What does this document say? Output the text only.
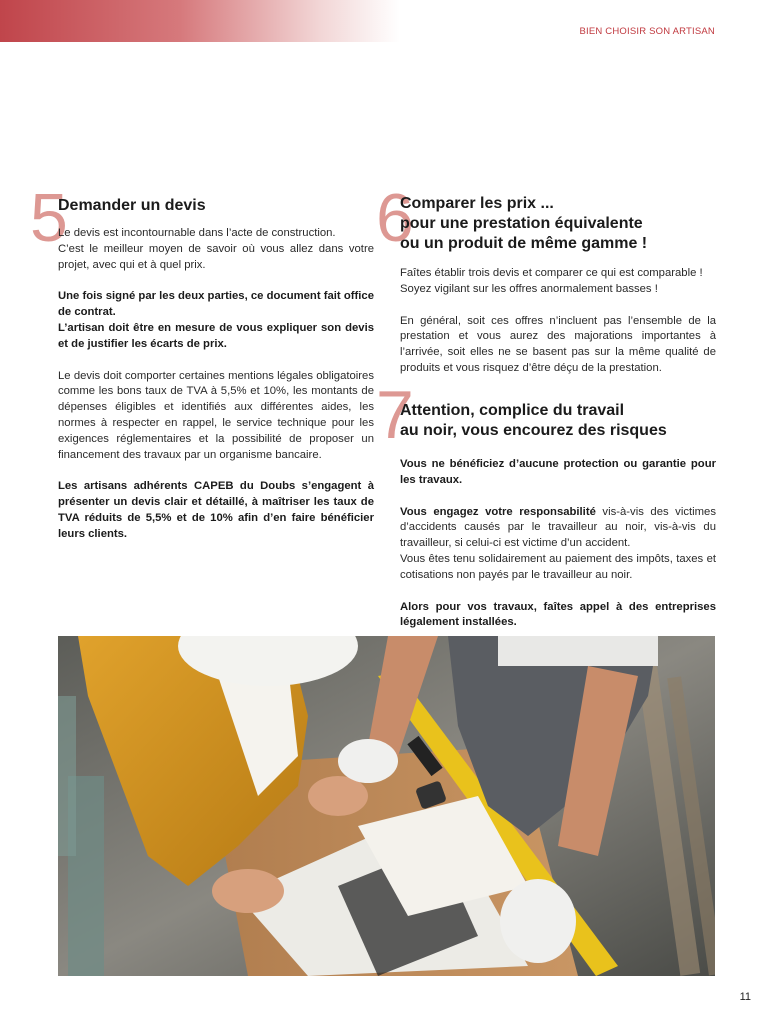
BIEN CHOISIR SON ARTISAN
5
Demander un devis

Le devis est incontournable dans l’acte de construction.

C’est le meilleur moyen de savoir où vous allez dans votre projet, avec qui et à quel prix.

Une fois signé par les deux parties, ce document fait office de contrat.

L’artisan doit être en mesure de vous expliquer son devis et de justifier les écarts de prix.

Le devis doit comporter certaines mentions légales obligatoires comme les bons taux de TVA à 5,5% et 10%, les montants de dépenses éligibles et identifiés aux différentes aides, les normes à respecter en rappel, le service technique pour les exigences réglementaires et la possibilité de proposer un financement des travaux par un organisme bancaire.

Les artisans adhérents CAPEB du Doubs s’engagent à présenter un devis clair et détaillé, à maîtriser les taux de TVA réduits de 5,5% et de 10% afin d’en faire bénéficier leurs clients.

6
Comparer les prix ...
pour une prestation équivalente
ou un produit de même gamme !

Faîtes établir trois devis et comparer ce qui est comparable !

Soyez vigilant sur les offres anormalement basses !

En général, soit ces offres n’incluent pas l’ensemble de la prestation et vous aurez des majorations importantes à l’arrivée, soit elles ne se basent pas sur la même qualité de produits et vous risquez d’être déçu de la prestation.

7
Attention, complice du travail
au noir, vous encourez des risques

Vous ne bénéficiez d’aucune protection ou garantie pour les travaux.

Vous engagez votre responsabilité vis-à-vis des victimes d’accidents causés par le travailleur au noir, vis-à-vis du travailleur, si celui-ci est victime d’un accident.

Vous êtes tenu solidairement au paiement des impôts, taxes et cotisations non payés par le travailleur au noir.

Alors pour vos travaux, faîtes appel à des entreprises légalement installées.

11
